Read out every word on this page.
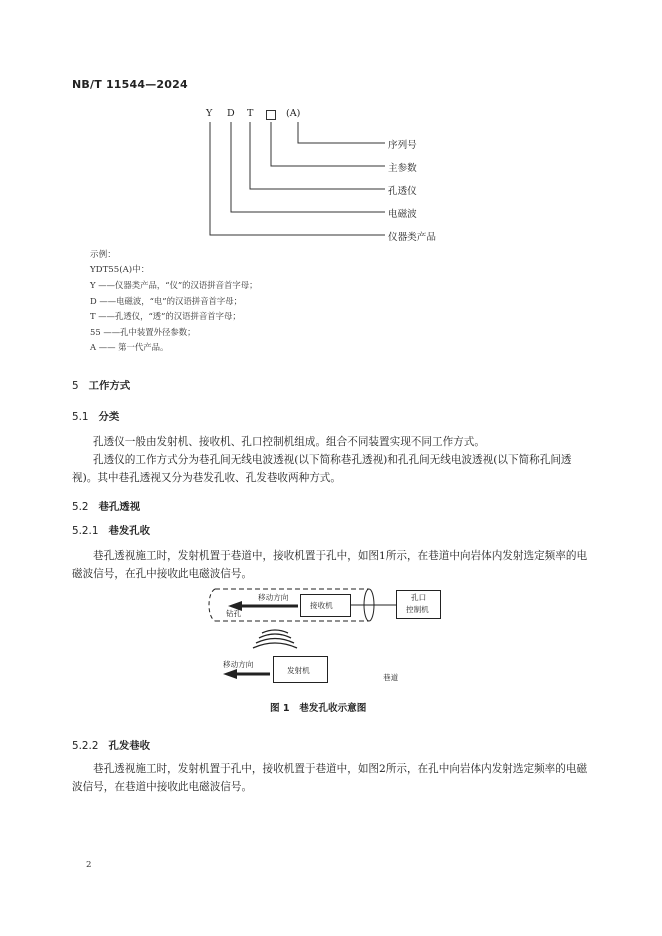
NB/T 11544—2024
Y D T	(A)
序列号
主参数
孔透仪
电磁波
仪器类产品
示例：
YDT55(A)中：
Y ——仪器类产品，“仪”的汉语拼音首字母；
D ——电磁波，“电”的汉语拼音首字母；
T ——孔透仪，“透”的汉语拼音首字母；
55 ——孔中装置外径参数；
A —— 第一代产品。
5 工作方式
5.1 分类
孔透仪一般由发射机、接收机、孔口控制机组成。组合不同装置实现不同工作方式。
孔透仪的工作方式分为巷孔间无线电波透视(以下简称巷孔透视)和孔孔间无线电波透视(以下简称孔间透视)。其中巷孔透视又分为巷发孔收、孔发巷收两种方式。
5.2 巷孔透视
5.2.1 巷发孔收
巷孔透视施工时，发射机置于巷道中，接收机置于孔中，如图1所示，在巷道中向岩体内发射选定频率的电磁波信号，在孔中接收此电磁波信号。
移动方向
钻孔
接收机
孔口
控制机
移动方向
发射机
巷道
图 1　巷发孔收示意图
5.2.2 孔发巷收
巷孔透视施工时，发射机置于孔中，接收机置于巷道中，如图2所示，在孔中向岩体内发射选定频率的电磁波信号，在巷道中接收此电磁波信号。
2
